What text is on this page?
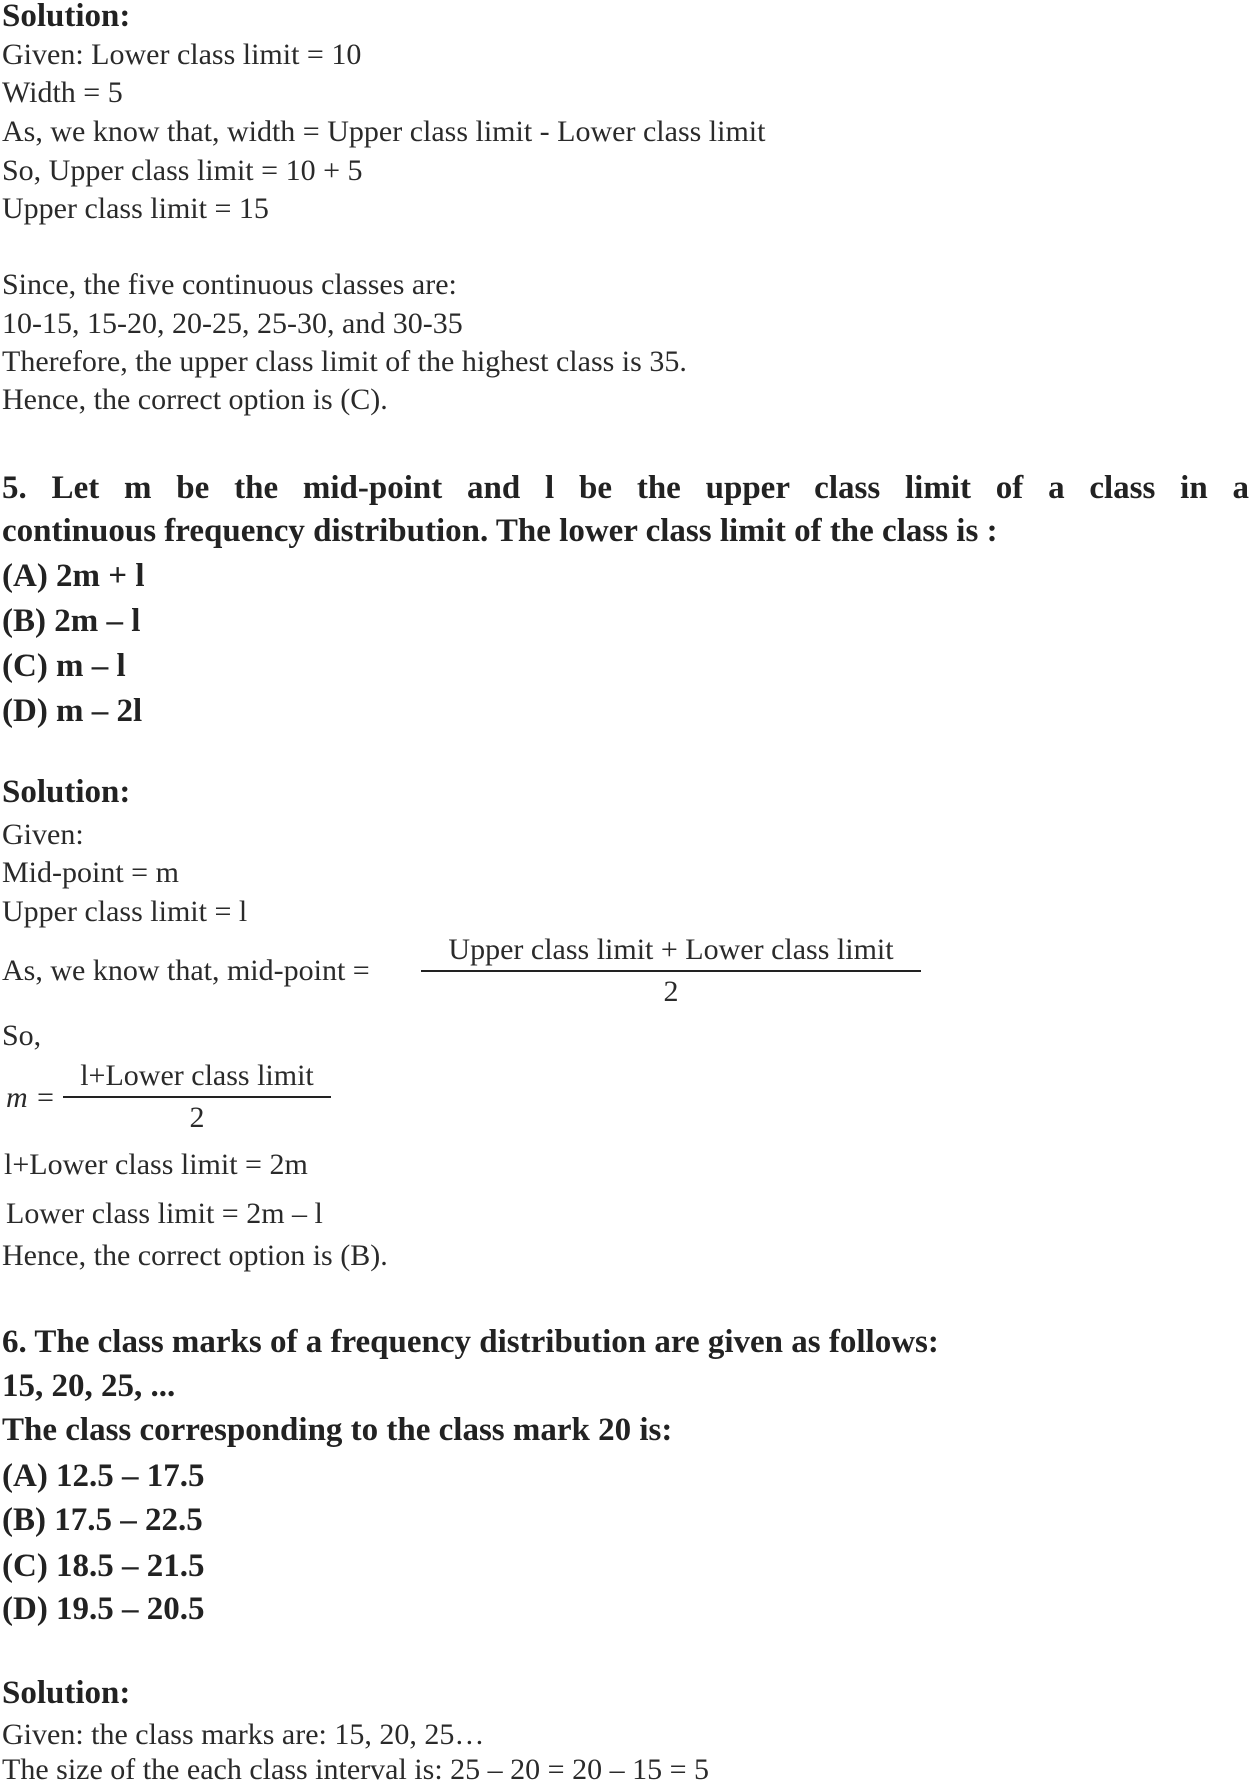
Solution:
Given: Lower class limit = 10
Width = 5
As, we know that, width = Upper class limit - Lower class limit
So, Upper class limit = 10 + 5
Upper class limit = 15
Since, the five continuous classes are:
10-15, 15-20, 20-25, 25-30, and 30-35
Therefore, the upper class limit of the highest class is 35.
Hence, the correct option is (C).
5. Let m be the mid-point and l be the upper class limit of a class in a
continuous frequency distribution. The lower class limit of the class is :
(A) 2m + l
(B) 2m – l
(C) m – l
(D) m – 2l
Solution:
Given:
Mid-point = m
Upper class limit = l
As, we know that, mid-point =
Upper class limit + Lower class limit
2
So,
m =
l+Lower class limit
2
l+Lower class limit = 2m
Lower class limit = 2m – l
Hence, the correct option is (B).
6. The class marks of a frequency distribution are given as follows:
15, 20, 25, ...
The class corresponding to the class mark 20 is:
(A) 12.5 – 17.5
(B) 17.5 – 22.5
(C) 18.5 – 21.5
(D) 19.5 – 20.5
Solution:
Given: the class marks are: 15, 20, 25…
The size of the each class interval is: 25 – 20 = 20 – 15 = 5
